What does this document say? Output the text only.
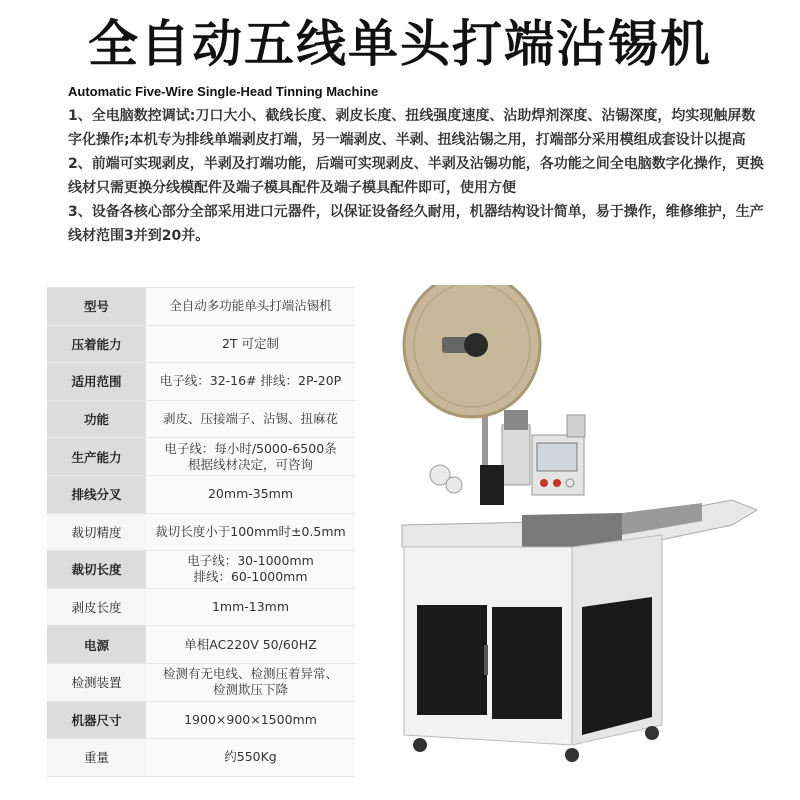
全自动五线单头打端沾锡机
Automatic Five-Wire Single-Head Tinning Machine

1、全电脑数控调试:刀口大小、截线长度、剥皮长度、扭线强度速度、沾助焊剂深度、沾锡深度，均实现触屏数字化操作;本机专为排线单端剥皮打端，另一端剥皮、半剥、扭线沾锡之用，打端部分采用模组成套设计以提高

2、前端可实现剥皮，半剥及打端功能，后端可实现剥皮、半剥及沾锡功能，各功能之间全电脑数字化操作，更换线材只需更换分线模配件及端子模具配件及端子模具配件即可，使用方便

3、设备各核心部分全部采用进口元器件，以保证设备经久耐用，机器结构设计简单，易于操作，维修维护，生产线材范围3并到20并。

型号	全自动多功能单头打端沾锡机

压着能力	2T 可定制

适用范围	电子线：32-16# 排线：2P-20P

功能	剥皮、压接端子、沾锡、扭麻花

生产能力	电子线：每小时/5000-6500条
根据线材决定，可咨询

排线分叉	20mm-35mm

裁切精度	裁切长度小于100mm时±0.5mm

裁切长度	电子线：30-1000mm
排线：60-1000mm

剥皮长度	1mm-13mm

电源	单相AC220V 50/60HZ

检测装置	检测有无电线、检测压着异常、
检测欺压下降

机器尺寸	1900×900×1500mm

重量	约550Kg
